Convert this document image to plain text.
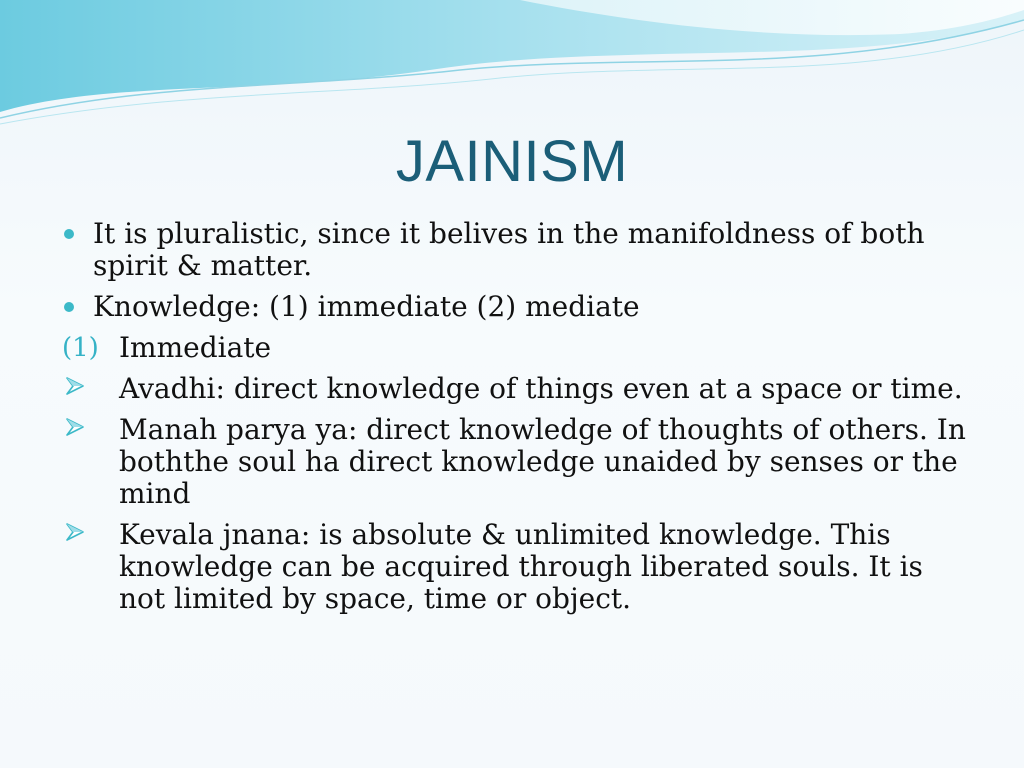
JAINISM
It is pluralistic, since it belives in the manifoldness of both spirit & matter.
Knowledge: (1) immediate (2) mediate
(1) Immediate
Avadhi: direct knowledge of things even at a space or time.
Manah parya ya: direct knowledge of thoughts of others. In boththe soul ha direct knowledge unaided by senses or the mind
Kevala jnana: is absolute & unlimited knowledge. This knowledge can be acquired through liberated souls. It is not limited by space, time or object.
